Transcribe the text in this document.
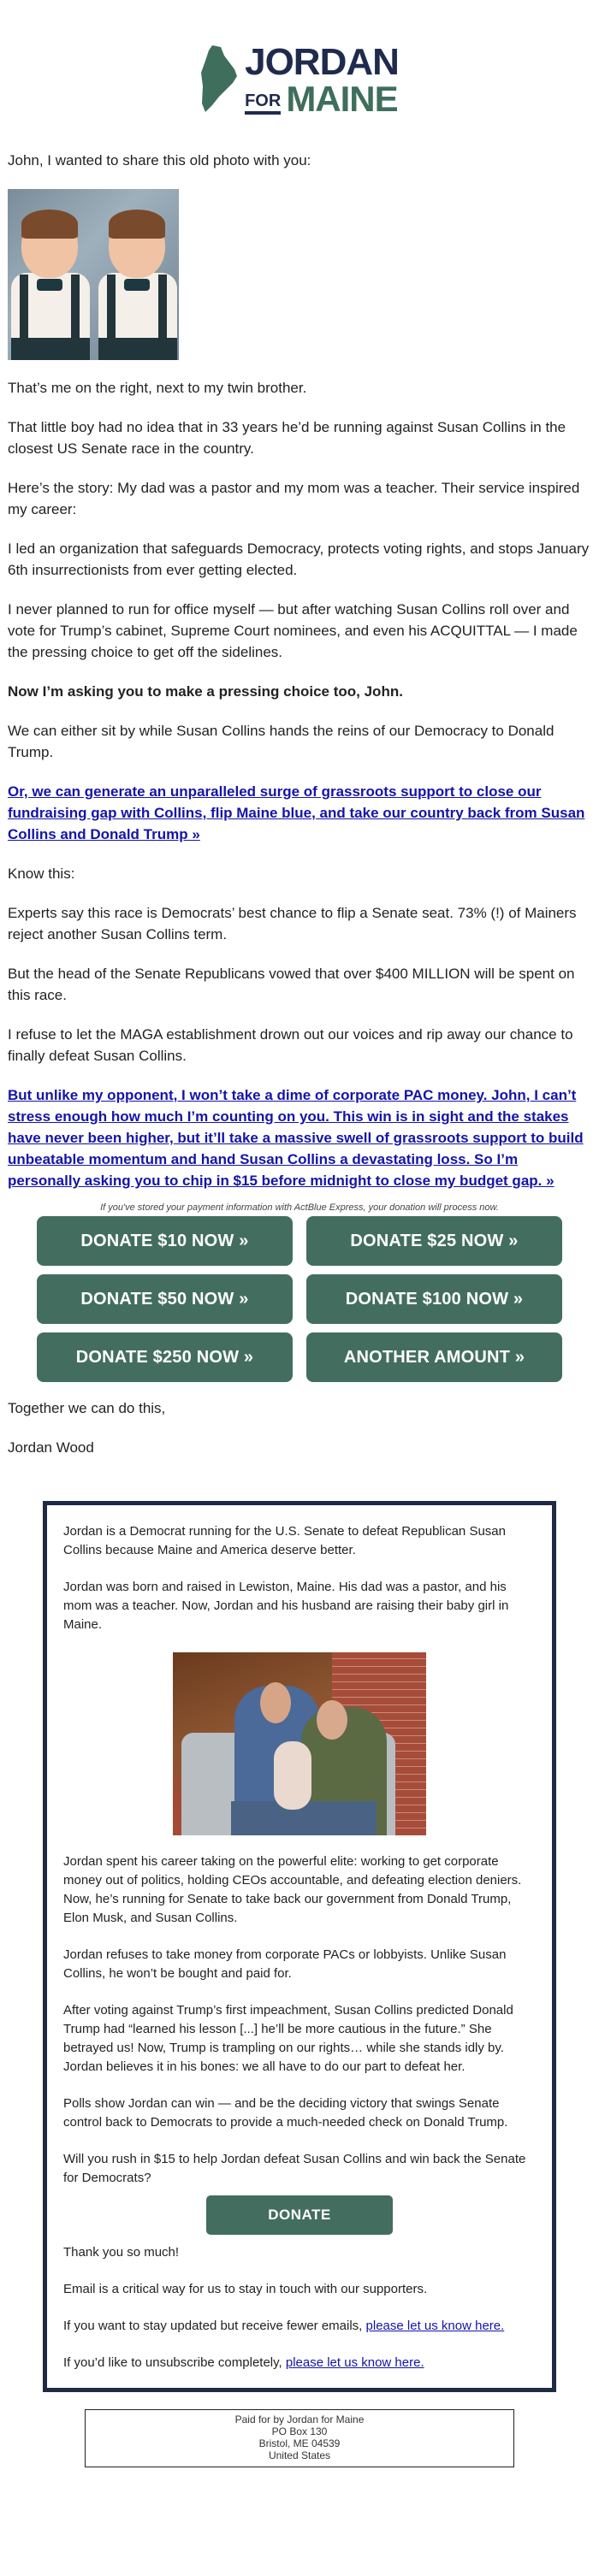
JORDAN
FOR MAINE

John, I wanted to share this old photo with you:

That’s me on the right, next to my twin brother.

That little boy had no idea that in 33 years he’d be running against Susan Collins in the closest US Senate race in the country.

Here’s the story: My dad was a pastor and my mom was a teacher. Their service inspired my career:

I led an organization that safeguards Democracy, protects voting rights, and stops January 6th insurrectionists from ever getting elected.

I never planned to run for office myself — but after watching Susan Collins roll over and vote for Trump’s cabinet, Supreme Court nominees, and even his ACQUITTAL — I made the pressing choice to get off the sidelines.

Now I’m asking you to make a pressing choice too, John.

We can either sit by while Susan Collins hands the reins of our Democracy to Donald Trump.

Or, we can generate an unparalleled surge of grassroots support to close our fundraising gap with Collins, flip Maine blue, and take our country back from Susan Collins and Donald Trump »

Know this:

Experts say this race is Democrats’ best chance to flip a Senate seat. 73% (!) of Mainers reject another Susan Collins term.

But the head of the Senate Republicans vowed that over $400 MILLION will be spent on this race.

I refuse to let the MAGA establishment drown out our voices and rip away our chance to finally defeat Susan Collins.

But unlike my opponent, I won’t take a dime of corporate PAC money. John, I can’t stress enough how much I’m counting on you. This win is in sight and the stakes have never been higher, but it’ll take a massive swell of grassroots support to build unbeatable momentum and hand Susan Collins a devastating loss. So I’m personally asking you to chip in $15 before midnight to close my budget gap. »

If you've stored your payment information with ActBlue Express, your donation will process now.
DONATE $10 NOW »	DONATE $25 NOW »
DONATE $50 NOW »	DONATE $100 NOW »
DONATE $250 NOW »	ANOTHER AMOUNT »

Together we can do this,

Jordan Wood

Jordan is a Democrat running for the U.S. Senate to defeat Republican Susan Collins because Maine and America deserve better.

Jordan was born and raised in Lewiston, Maine. His dad was a pastor, and his mom was a teacher. Now, Jordan and his husband are raising their baby girl in Maine.

Jordan spent his career taking on the powerful elite: working to get corporate money out of politics, holding CEOs accountable, and defeating election deniers. Now, he’s running for Senate to take back our government from Donald Trump, Elon Musk, and Susan Collins.

Jordan refuses to take money from corporate PACs or lobbyists. Unlike Susan Collins, he won’t be bought and paid for.

After voting against Trump’s first impeachment, Susan Collins predicted Donald Trump had “learned his lesson [...] he’ll be more cautious in the future.” She betrayed us! Now, Trump is trampling on our rights… while she stands idly by. Jordan believes it in his bones: we all have to do our part to defeat her.

Polls show Jordan can win — and be the deciding victory that swings Senate control back to Democrats to provide a much-needed check on Donald Trump.

Will you rush in $15 to help Jordan defeat Susan Collins and win back the Senate for Democrats?

DONATE

Thank you so much!

Email is a critical way for us to stay in touch with our supporters.

If you want to stay updated but receive fewer emails, please let us know here.

If you’d like to unsubscribe completely, please let us know here.

Paid for by Jordan for Maine
PO Box 130
Bristol, ME 04539
United States
